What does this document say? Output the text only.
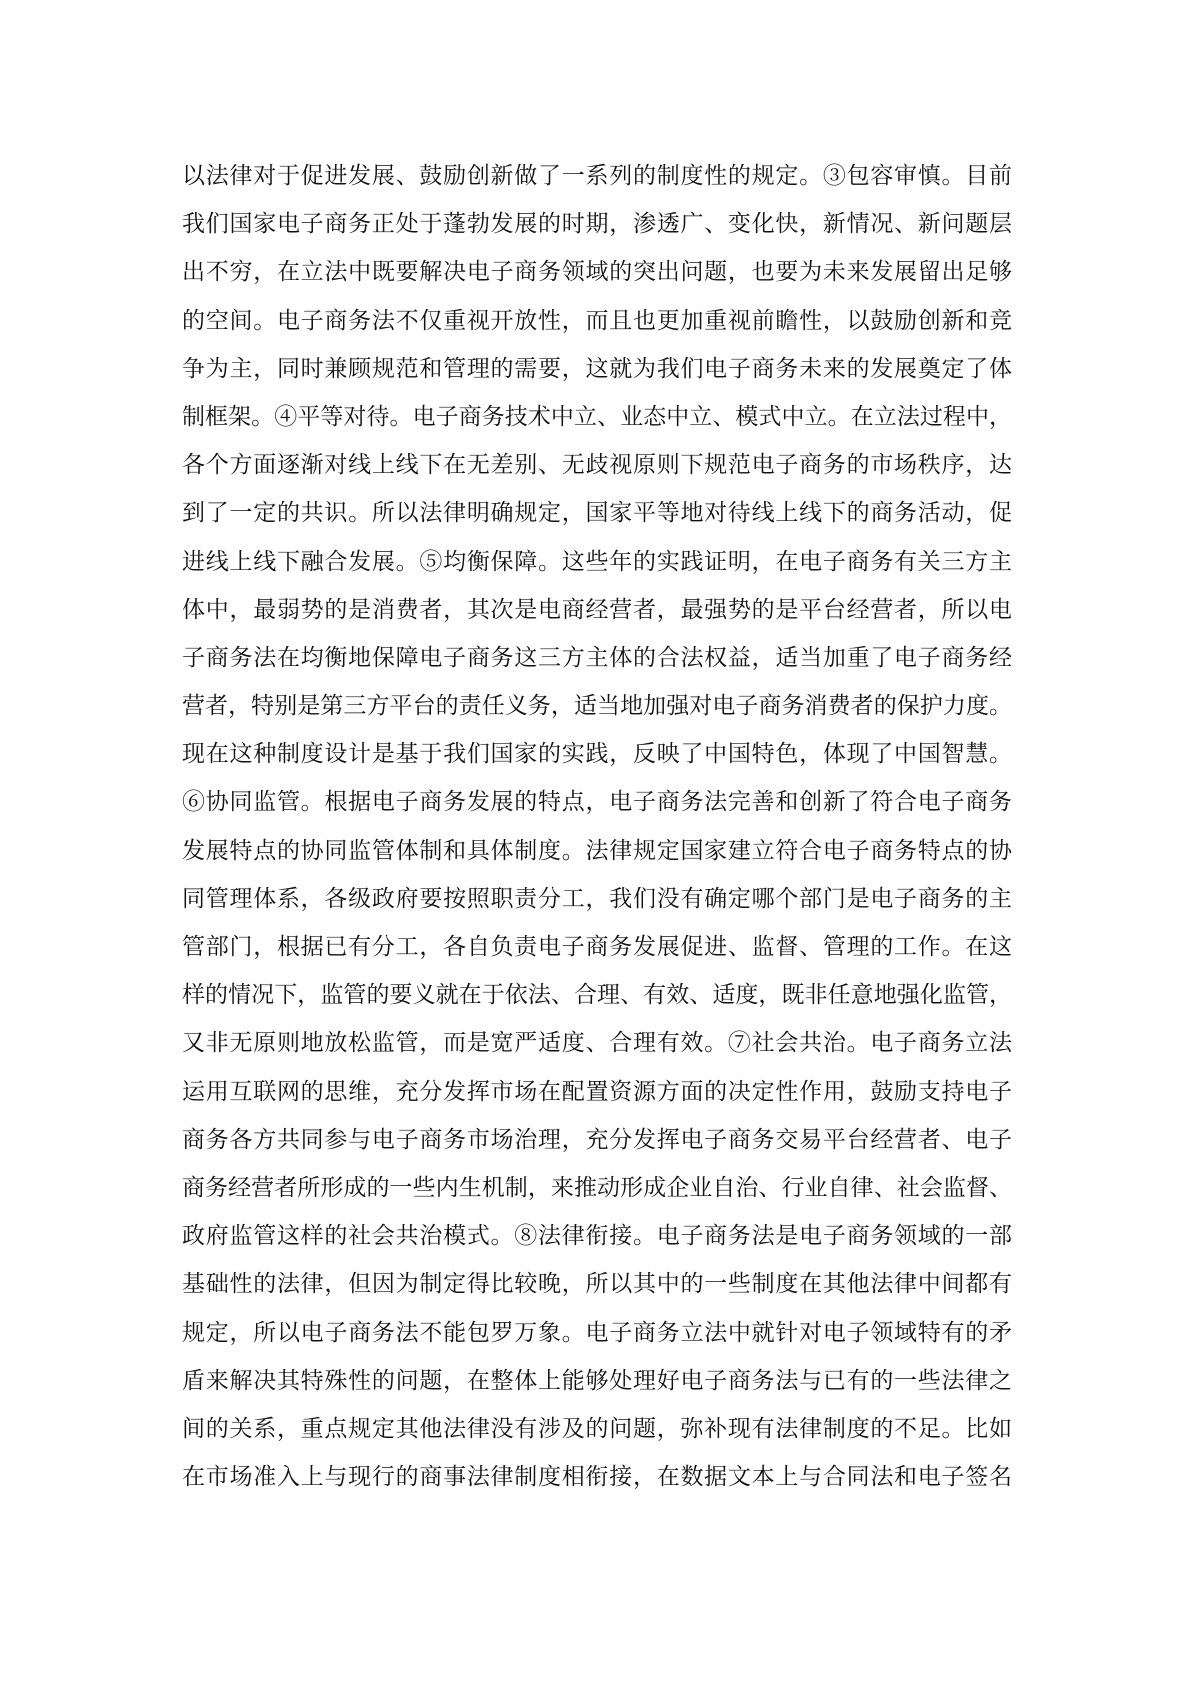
以法律对于促进发展、鼓励创新做了一系列的制度性的规定。③包容审慎。目前
我们国家电子商务正处于蓬勃发展的时期，渗透广、变化快，新情况、新问题层
出不穷，在立法中既要解决电子商务领域的突出问题，也要为未来发展留出足够
的空间。电子商务法不仅重视开放性，而且也更加重视前瞻性，以鼓励创新和竞
争为主，同时兼顾规范和管理的需要，这就为我们电子商务未来的发展奠定了体
制框架。④平等对待。电子商务技术中立、业态中立、模式中立。在立法过程中，
各个方面逐渐对线上线下在无差别、无歧视原则下规范电子商务的市场秩序，达
到了一定的共识。所以法律明确规定，国家平等地对待线上线下的商务活动，促
进线上线下融合发展。⑤均衡保障。这些年的实践证明，在电子商务有关三方主
体中，最弱势的是消费者，其次是电商经营者，最强势的是平台经营者，所以电
子商务法在均衡地保障电子商务这三方主体的合法权益，适当加重了电子商务经
营者，特别是第三方平台的责任义务，适当地加强对电子商务消费者的保护力度。
现在这种制度设计是基于我们国家的实践，反映了中国特色，体现了中国智慧。
⑥协同监管。根据电子商务发展的特点，电子商务法完善和创新了符合电子商务
发展特点的协同监管体制和具体制度。法律规定国家建立符合电子商务特点的协
同管理体系，各级政府要按照职责分工，我们没有确定哪个部门是电子商务的主
管部门，根据已有分工，各自负责电子商务发展促进、监督、管理的工作。在这
样的情况下，监管的要义就在于依法、合理、有效、适度，既非任意地强化监管，
又非无原则地放松监管，而是宽严适度、合理有效。⑦社会共治。电子商务立法
运用互联网的思维，充分发挥市场在配置资源方面的决定性作用，鼓励支持电子
商务各方共同参与电子商务市场治理，充分发挥电子商务交易平台经营者、电子
商务经营者所形成的一些内生机制，来推动形成企业自治、行业自律、社会监督、
政府监管这样的社会共治模式。⑧法律衔接。电子商务法是电子商务领域的一部
基础性的法律，但因为制定得比较晚，所以其中的一些制度在其他法律中间都有
规定，所以电子商务法不能包罗万象。电子商务立法中就针对电子领域特有的矛
盾来解决其特殊性的问题，在整体上能够处理好电子商务法与已有的一些法律之
间的关系，重点规定其他法律没有涉及的问题，弥补现有法律制度的不足。比如
在市场准入上与现行的商事法律制度相衔接，在数据文本上与合同法和电子签名
